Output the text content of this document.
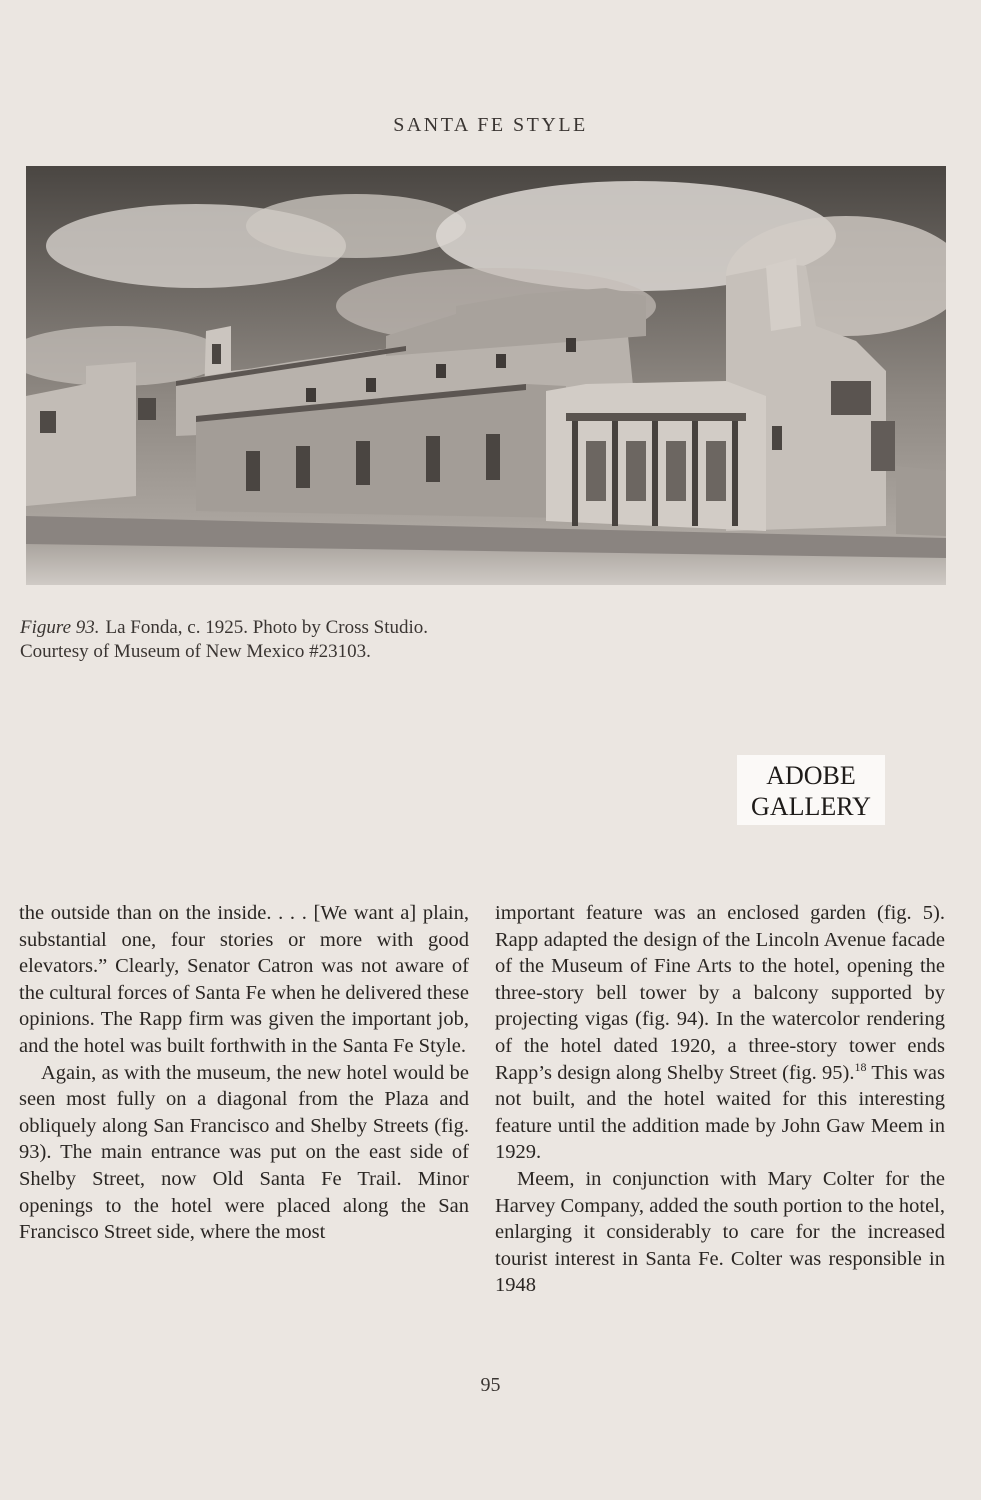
SANTA FE STYLE
Figure 93. La Fonda, c. 1925. Photo by Cross Studio. Courtesy of Museum of New Mexico #23103.
ADOBE
GALLERY

the outside than on the inside. . . . [We want a] plain, substantial one, four stories or more with good elevators.” Clearly, Senator Catron was not aware of the cultural forces of Santa Fe when he delivered these opinions. The Rapp firm was given the important job, and the hotel was built forthwith in the Santa Fe Style.

Again, as with the museum, the new hotel would be seen most fully on a diagonal from the Plaza and obliquely along San Francisco and Shelby Streets (fig. 93). The main entrance was put on the east side of Shelby Street, now Old Santa Fe Trail. Minor openings to the hotel were placed along the San Francisco Street side, where the most

important feature was an enclosed garden (fig. 5). Rapp adapted the design of the Lincoln Avenue facade of the Museum of Fine Arts to the hotel, opening the three-story bell tower by a balcony supported by projecting vigas (fig. 94). In the watercolor rendering of the hotel dated 1920, a three-story tower ends Rapp’s design along Shelby Street (fig. 95).$^{18}$ This was not built, and the hotel waited for this interesting feature until the addition made by John Gaw Meem in 1929.

Meem, in conjunction with Mary Colter for the Harvey Company, added the south portion to the hotel, enlarging it considerably to care for the increased tourist interest in Santa Fe. Colter was responsible in 1948

95
